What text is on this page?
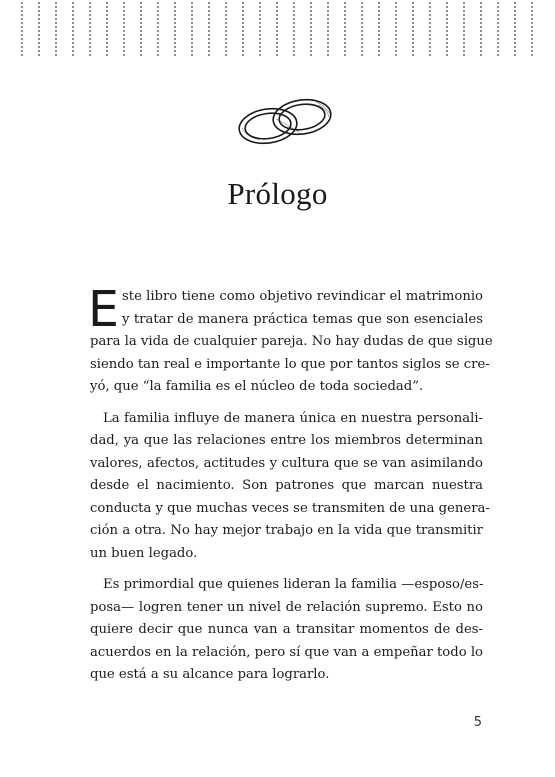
Prólogo
E ste libro tiene como objetivo revindicar el matrimonio
y tratar de manera práctica temas que son esenciales
para la vida de cualquier pareja. No hay dudas de que sigue
siendo tan real e importante lo que por tantos siglos se cre-
yó, que “la familia es el núcleo de toda sociedad”.
La familia influye de manera única en nuestra personali-
dad, ya que las relaciones entre los miembros determinan
valores, afectos, actitudes y cultura que se van asimilando
desde el nacimiento. Son patrones que marcan nuestra
conducta y que muchas veces se transmiten de una genera-
ción a otra. No hay mejor trabajo en la vida que transmitir
un buen legado.
Es primordial que quienes lideran la familia —esposo/es-
posa— logren tener un nivel de relación supremo. Esto no
quiere decir que nunca van a transitar momentos de des-
acuerdos en la relación, pero sí que van a empeñar todo lo
que está a su alcance para lograrlo.
5
